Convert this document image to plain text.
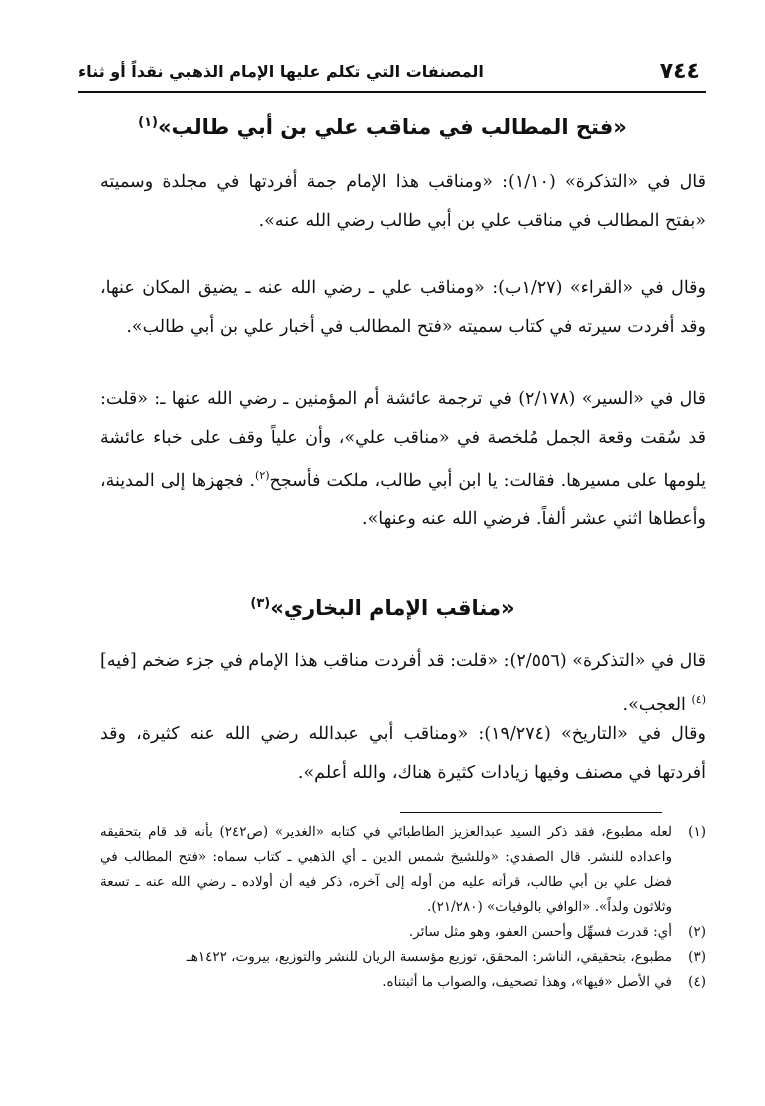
٧٤٤
المصنفات التي تكلم عليها الإمام الذهبي نقداً أو ثناء
«فتح المطالب في مناقب علي بن أبي طالب»$^{(١)}$

قال في «التذكرة» (١/١٠): «ومناقب هذا الإمام جمة أفردتها في مجلدة وسميته «بفتح المطالب في مناقب علي بن أبي طالب رضي الله عنه».

وقال في «القراء» (١/٢٧ب): «ومناقب علي ـ رضي الله عنه ـ يضيق المكان عنها، وقد أفردت سيرته في كتاب سميته «فتح المطالب في أخبار علي بن أبي طالب».

قال في «السير» (٢/١٧٨) في ترجمة عائشة أم المؤمنين ـ رضي الله عنها ـ: «قلت: قد سُقت وقعة الجمل مُلخصة في «مناقب علي»، وأن علياً وقف على خباء عائشة يلومها على مسيرها. فقالت: يا ابن أبي طالب، ملكت فأسجح$^{(٢)}$. فجهزها إلى المدينة، وأعطاها اثني عشر ألفاً. فرضي الله عنه وعنها».

«مناقب الإمام البخاري»$^{(٣)}$

قال في «التذكرة» (٢/٥٥٦): «قلت: قد أفردت مناقب هذا الإمام في جزء ضخم [فيه]$^{(٤)}$ العجب».

وقال في «التاريخ» (١٩/٢٧٤): «ومناقب أبي عبدالله رضي الله عنه كثيرة، وقد أفردتها في مصنف وفيها زيادات كثيرة هناك، والله أعلم».

(١)
لعله مطبوع، فقد ذكر السيد عبدالعزيز الطاطبائي في كتابه «الغدير» (ص٢٤٢) بأنه قد قام بتحقيقه واعداده للنشر. قال الصفدي: «وللشيخ شمس الدين ـ أي الذهبي ـ كتاب سماه: «فتح المطالب في فضل علي بن أبي طالب، قرأته عليه من أوله إلى آخره، ذكر فيه أن أولاده ـ رضي الله عنه ـ تسعة وثلاثون ولداً». «الوافي بالوفيات» (٢١/٢٨٠).
(٢)
أي: قدرت فسهِّل وأحسن العفو، وهو مثل سائر.
(٣)
مطبوع، بتحقيقي، الناشر: المحقق، توزيع مؤسسة الريان للنشر والتوزيع، بيروت، ١٤٢٢هـ
(٤)
في الأصل «فيها»، وهذا تصحيف، والصواب ما أثبتناه.
